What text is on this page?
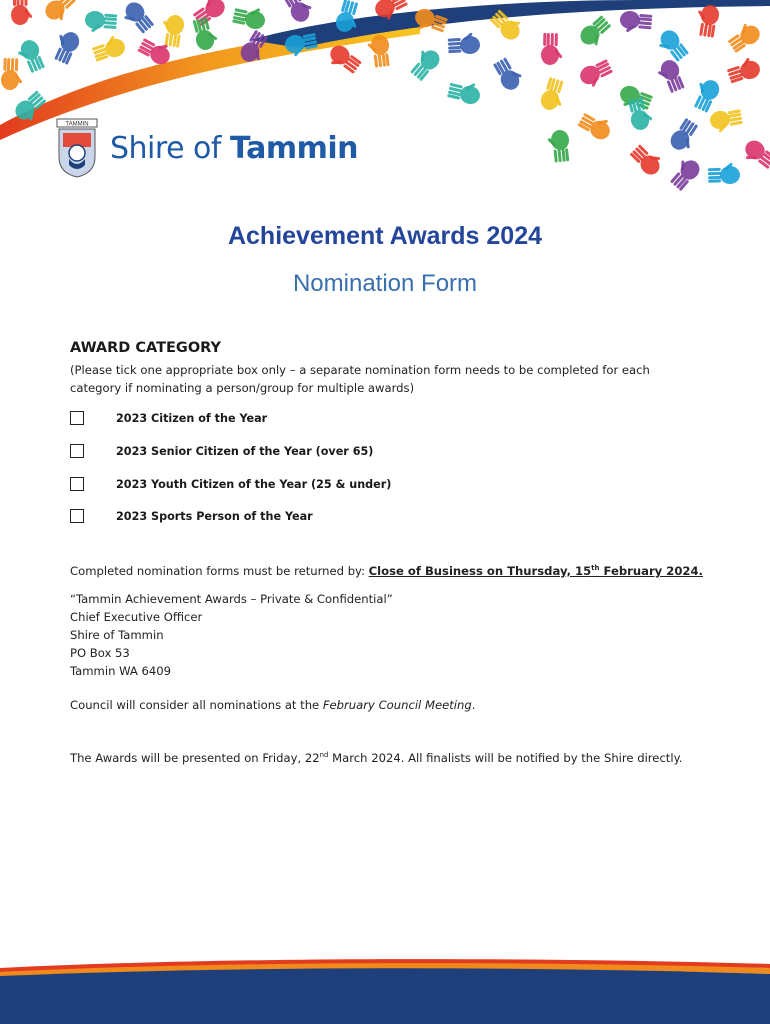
TAMMIN
Shire of Tammin
Achievement Awards 2024
Nomination Form
AWARD CATEGORY
(Please tick one appropriate box only – a separate nomination form needs to be completed for each category if nominating a person/group for multiple awards)
2023 Citizen of the Year
2023 Senior Citizen of the Year (over 65)
2023 Youth Citizen of the Year (25 & under)
2023 Sports Person of the Year
Completed nomination forms must be returned by: Close of Business on Thursday, 15th February 2024.
“Tammin Achievement Awards – Private & Confidential”
Chief Executive Officer
Shire of Tammin
PO Box 53
Tammin WA 6409
Council will consider all nominations at the February Council Meeting.
The Awards will be presented on Friday, 22nd March 2024. All finalists will be notified by the Shire directly.
